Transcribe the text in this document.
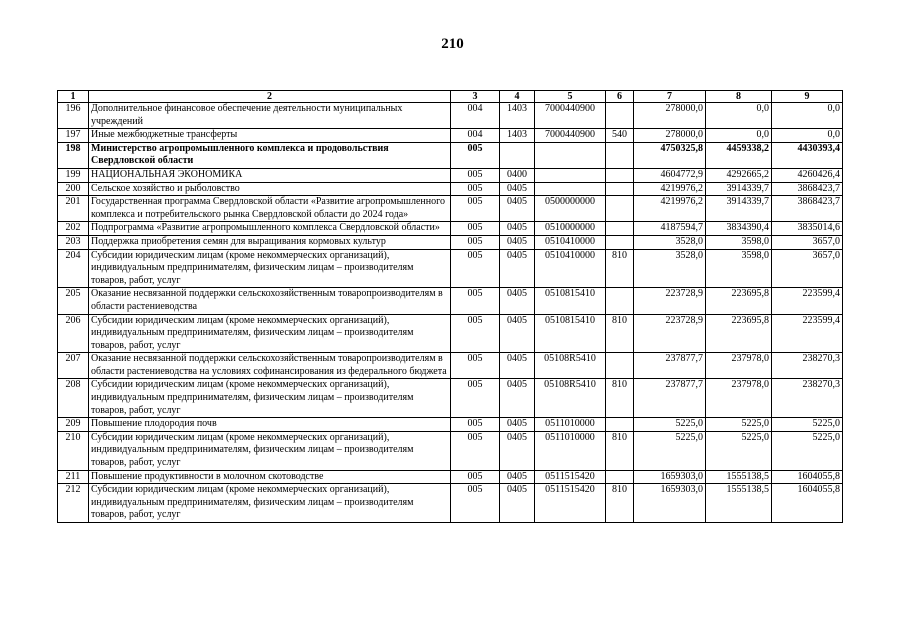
210
1	2	3	4	5	6	7	8	9
196	Дополнительное финансовое обеспечение деятельности муниципальных учреждений	004	1403	7000440900		278000,0	0,0	0,0
197	Иные межбюджетные трансферты	004	1403	7000440900	540	278000,0	0,0	0,0
198	Министерство агропромышленного комплекса и продовольствия Свердловской области	005				4750325,8	4459338,2	4430393,4
199	НАЦИОНАЛЬНАЯ ЭКОНОМИКА	005	0400			4604772,9	4292665,2	4260426,4
200	Сельское хозяйство и рыболовство	005	0405			4219976,2	3914339,7	3868423,7
201	Государственная программа Свердловской области «Развитие агропромышленного комплекса и потребительского рынка Свердловской области до 2024 года»	005	0405	0500000000		4219976,2	3914339,7	3868423,7
202	Подпрограмма «Развитие агропромышленного комплекса Свердловской области»	005	0405	0510000000		4187594,7	3834390,4	3835014,6
203	Поддержка приобретения семян для выращивания кормовых культур	005	0405	0510410000		3528,0	3598,0	3657,0
204	Субсидии юридическим лицам (кроме некоммерческих организаций), индивидуальным предпринимателям, физическим лицам – производителям товаров, работ, услуг	005	0405	0510410000	810	3528,0	3598,0	3657,0
205	Оказание несвязанной поддержки сельскохозяйственным товаропроизводителям в области растениеводства	005	0405	0510815410		223728,9	223695,8	223599,4
206	Субсидии юридическим лицам (кроме некоммерческих организаций), индивидуальным предпринимателям, физическим лицам – производителям товаров, работ, услуг	005	0405	0510815410	810	223728,9	223695,8	223599,4
207	Оказание несвязанной поддержки сельскохозяйственным товаропроизводителям в области растениеводства на условиях софинансирования из федерального бюджета	005	0405	05108R5410		237877,7	237978,0	238270,3
208	Субсидии юридическим лицам (кроме некоммерческих организаций), индивидуальным предпринимателям, физическим лицам – производителям товаров, работ, услуг	005	0405	05108R5410	810	237877,7	237978,0	238270,3
209	Повышение плодородия почв	005	0405	0511010000		5225,0	5225,0	5225,0
210	Субсидии юридическим лицам (кроме некоммерческих организаций), индивидуальным предпринимателям, физическим лицам – производителям товаров, работ, услуг	005	0405	0511010000	810	5225,0	5225,0	5225,0
211	Повышение продуктивности в молочном скотоводстве	005	0405	0511515420		1659303,0	1555138,5	1604055,8
212	Субсидии юридическим лицам (кроме некоммерческих организаций), индивидуальным предпринимателям, физическим лицам – производителям товаров, работ, услуг	005	0405	0511515420	810	1659303,0	1555138,5	1604055,8
